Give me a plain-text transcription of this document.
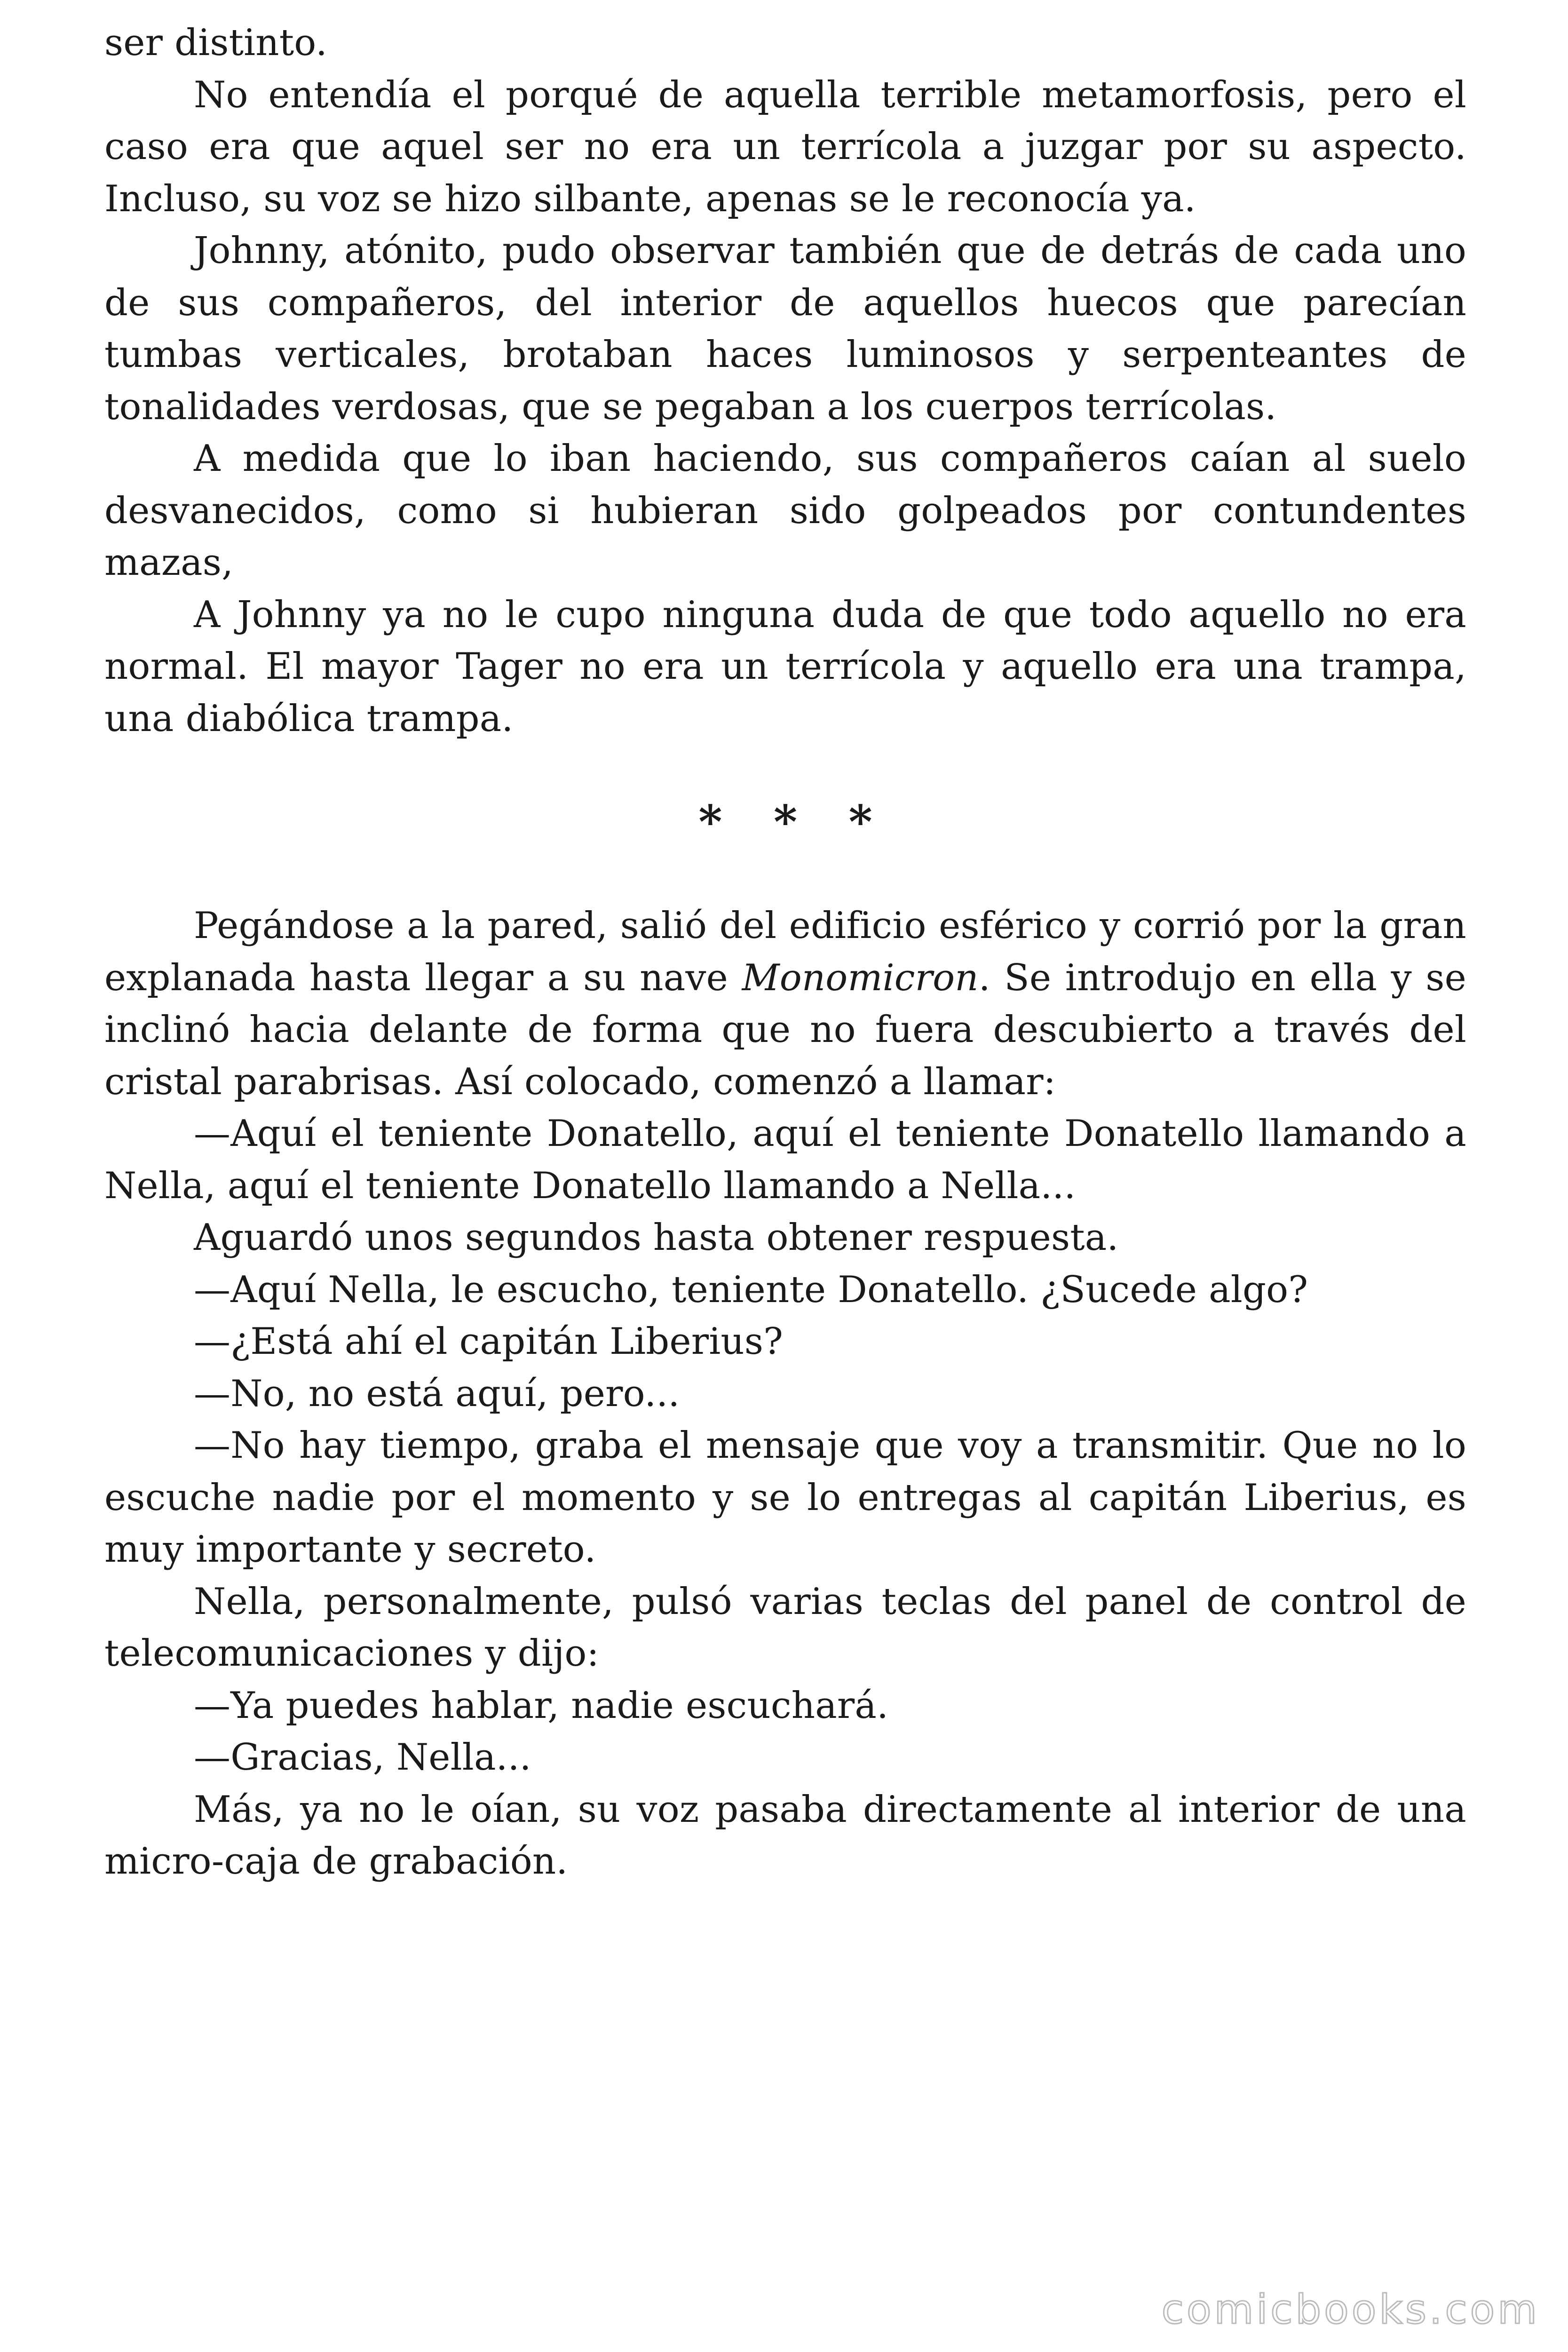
ser distinto.

No entendía el porqué de aquella terrible metamorfosis, pero el caso era que aquel ser no era un terrícola a juzgar por su aspecto. Incluso, su voz se hizo silbante, apenas se le reconocía ya.

Johnny, atónito, pudo observar también que de detrás de cada uno de sus compañeros, del interior de aquellos huecos que parecían tumbas verticales, brotaban haces luminosos y serpenteantes de tonalidades verdosas, que se pegaban a los cuerpos terrícolas.

A medida que lo iban haciendo, sus compañeros caían al suelo desvanecidos, como si hubieran sido golpeados por contundentes mazas,

A Johnny ya no le cupo ninguna duda de que todo aquello no era normal. El mayor Tager no era un terrícola y aquello era una trampa, una diabólica trampa.

* * *

Pegándose a la pared, salió del edificio esférico y corrió por la gran explanada hasta llegar a su nave Monomicron. Se introdujo en ella y se inclinó hacia delante de forma que no fuera descubierto a través del cristal parabrisas. Así colocado, comenzó a llamar:

—Aquí el teniente Donatello, aquí el teniente Donatello llamando a Nella, aquí el teniente Donatello llamando a Nella...

Aguardó unos segundos hasta obtener respuesta.

—Aquí Nella, le escucho, teniente Donatello. ¿Sucede algo?

—¿Está ahí el capitán Liberius?

—No, no está aquí, pero...

—No hay tiempo, graba el mensaje que voy a transmitir. Que no lo escuche nadie por el momento y se lo entregas al capitán Liberius, es muy importante y secreto.

Nella, personalmente, pulsó varias teclas del panel de control de telecomunicaciones y dijo:

—Ya puedes hablar, nadie escuchará.

—Gracias, Nella...

Más, ya no le oían, su voz pasaba directamente al interior de una micro-caja de grabación.

comicbooks.com
